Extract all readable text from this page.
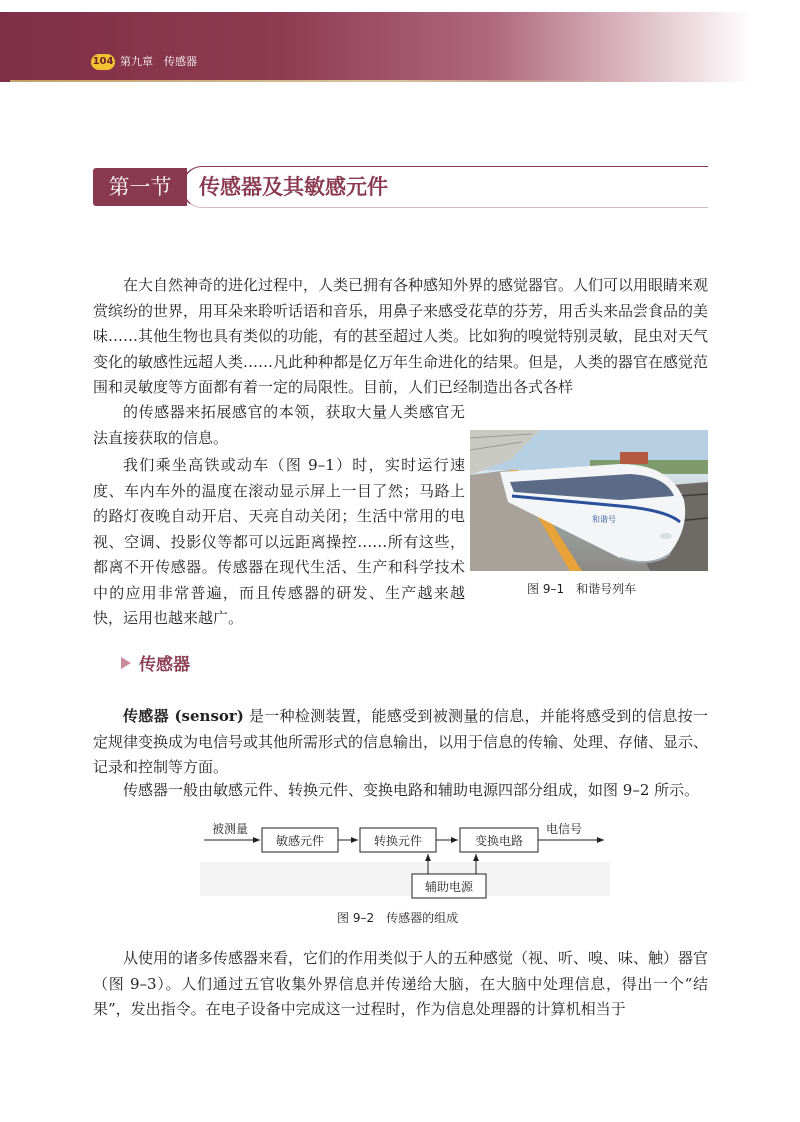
104 第九章　传感器
第一节	传感器及其敏感元件

在大自然神奇的进化过程中，人类已拥有各种感知外界的感觉器官。人们可以用眼睛来观赏缤纷的世界，用耳朵来聆听话语和音乐，用鼻子来感受花草的芬芳，用舌头来品尝食品的美味……其他生物也具有类似的功能，有的甚至超过人类。比如狗的嗅觉特别灵敏，昆虫对天气变化的敏感性远超人类……凡此种种都是亿万年生命进化的结果。但是，人类的器官在感觉范围和灵敏度等方面都有着一定的局限性。目前，人们已经制造出各式各样

的传感器来拓展感官的本领，获取大量人类感官无法直接获取的信息。

我们乘坐高铁或动车（图 9–1）时，实时运行速度、车内车外的温度在滚动显示屏上一目了然；马路上的路灯夜晚自动开启、天亮自动关闭；生活中常用的电视、空调、投影仪等都可以远距离操控……所有这些，都离不开传感器。传感器在现代生活、生产和科学技术中的应用非常普遍，而且传感器的研发、生产越来越快，运用也越来越广。

和谐号
图 9–1　和谐号列车
传感器

传感器 (sensor) 是一种检测装置，能感受到被测量的信息，并能将感受到的信息按一定规律变换成为电信号或其他所需形式的信息输出，以用于信息的传输、处理、存储、显示、记录和控制等方面。

传感器一般由敏感元件、转换元件、变换电路和辅助电源四部分组成，如图 9–2 所示。

被测量
敏感元件	转换元件	变换电路
电信号
辅助电源
图 9–2　传感器的组成

从使用的诸多传感器来看，它们的作用类似于人的五种感觉（视、听、嗅、味、触）器官（图 9–3）。人们通过五官收集外界信息并传递给大脑，在大脑中处理信息，得出一个“结果”，发出指令。在电子设备中完成这一过程时，作为信息处理器的计算机相当于
